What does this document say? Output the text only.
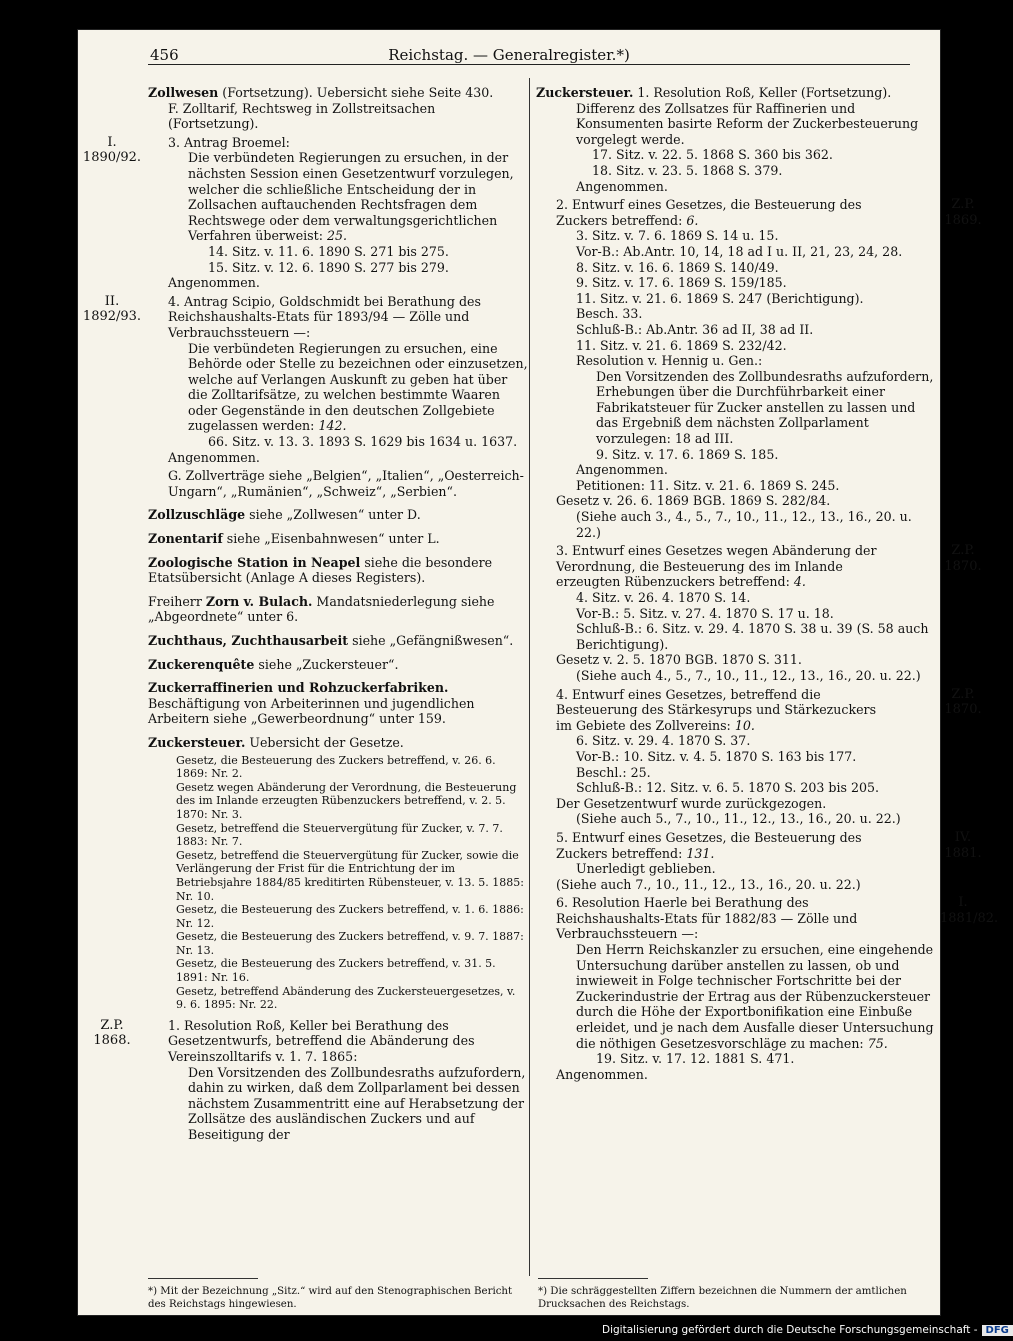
456	Reichstag. — Generalregister.*)
Zollwesen (Fortsetzung). Uebersicht siehe Seite 430.
F. Zolltarif, Rechtsweg in Zollstreitsachen (Fortsetzung).
I.
1890/92.
3. Antrag Broemel:
Die verbündeten Regierungen zu ersuchen, in der nächsten Session einen Gesetzentwurf vorzulegen, welcher die schließliche Entscheidung der in Zollsachen auftauchenden Rechtsfragen dem Rechtswege oder dem verwaltungsgerichtlichen Verfahren überweist: 25.
14. Sitz. v. 11. 6. 1890 S. 271 bis 275.
15. Sitz. v. 12. 6. 1890 S. 277 bis 279.
Angenommen.
II.
1892/93.
4. Antrag Scipio, Goldschmidt bei Berathung des Reichshaushalts-Etats für 1893/94 — Zölle und Verbrauchssteuern —:
Die verbündeten Regierungen zu ersuchen, eine Behörde oder Stelle zu bezeichnen oder einzusetzen, welche auf Verlangen Auskunft zu geben hat über die Zolltarifsätze, zu welchen bestimmte Waaren oder Gegenstände in den deutschen Zollgebiete zugelassen werden: 142.
66. Sitz. v. 13. 3. 1893 S. 1629 bis 1634 u. 1637.
Angenommen.
G. Zollverträge siehe „Belgien“, „Italien“, „Oesterreich-Ungarn“, „Rumänien“, „Schweiz“, „Serbien“.
Zollzuschläge siehe „Zollwesen“ unter D.
Zonentarif siehe „Eisenbahnwesen“ unter L.
Zoologische Station in Neapel siehe die besondere Etatsübersicht (Anlage A dieses Registers).
Freiherr Zorn v. Bulach. Mandatsniederlegung siehe „Abgeordnete“ unter 6.
Zuchthaus, Zuchthausarbeit siehe „Gefängnißwesen“.
Zuckerenquête siehe „Zuckersteuer“.
Zuckerraffinerien und Rohzuckerfabriken. Beschäftigung von Arbeiterinnen und jugendlichen Arbeitern siehe „Gewerbeordnung“ unter 159.
Zuckersteuer. Uebersicht der Gesetze.
Gesetz, die Besteuerung des Zuckers betreffend, v. 26. 6. 1869: Nr. 2.
Gesetz wegen Abänderung der Verordnung, die Besteuerung des im Inlande erzeugten Rübenzuckers betreffend, v. 2. 5. 1870: Nr. 3.
Gesetz, betreffend die Steuervergütung für Zucker, v. 7. 7. 1883: Nr. 7.
Gesetz, betreffend die Steuervergütung für Zucker, sowie die Verlängerung der Frist für die Entrichtung der im Betriebsjahre 1884/85 kreditirten Rübensteuer, v. 13. 5. 1885: Nr. 10.
Gesetz, die Besteuerung des Zuckers betreffend, v. 1. 6. 1886: Nr. 12.
Gesetz, die Besteuerung des Zuckers betreffend, v. 9. 7. 1887: Nr. 13.
Gesetz, die Besteuerung des Zuckers betreffend, v. 31. 5. 1891: Nr. 16.
Gesetz, betreffend Abänderung des Zuckersteuergesetzes, v. 9. 6. 1895: Nr. 22.
Z.P.
1868.
1. Resolution Roß, Keller bei Berathung des Gesetzentwurfs, betreffend die Abänderung des Vereinszolltarifs v. 1. 7. 1865:
Den Vorsitzenden des Zollbundesraths aufzufordern, dahin zu wirken, daß dem Zollparlament bei dessen nächstem Zusammentritt eine auf Herabsetzung der Zollsätze des ausländischen Zuckers und auf Beseitigung der
Zuckersteuer. 1. Resolution Roß, Keller (Fortsetzung).
Differenz des Zollsatzes für Raffinerien und Konsumenten basirte Reform der Zuckerbesteuerung vorgelegt werde.
17. Sitz. v. 22. 5. 1868 S. 360 bis 362.
18. Sitz. v. 23. 5. 1868 S. 379.
Angenommen.
Z.P.
1869.
2. Entwurf eines Gesetzes, die Besteuerung des Zuckers betreffend: 6.
3. Sitz. v. 7. 6. 1869 S. 14 u. 15.
Vor-B.: Ab.Antr. 10, 14, 18 ad I u. II, 21, 23, 24, 28.
8. Sitz. v. 16. 6. 1869 S. 140/49.
9. Sitz. v. 17. 6. 1869 S. 159/185.
11. Sitz. v. 21. 6. 1869 S. 247 (Berichtigung).
Besch. 33.
Schluß-B.: Ab.Antr. 36 ad II, 38 ad II.
11. Sitz. v. 21. 6. 1869 S. 232/42.
Resolution v. Hennig u. Gen.:
Den Vorsitzenden des Zollbundesraths aufzufordern, Erhebungen über die Durchführbarkeit einer Fabrikatsteuer für Zucker anstellen zu lassen und das Ergebniß dem nächsten Zollparlament vorzulegen: 18 ad III.
9. Sitz. v. 17. 6. 1869 S. 185.
Angenommen.
Petitionen: 11. Sitz. v. 21. 6. 1869 S. 245.
Gesetz v. 26. 6. 1869 BGB. 1869 S. 282/84.
(Siehe auch 3., 4., 5., 7., 10., 11., 12., 13., 16., 20. u. 22.)
Z.P.
1870.
3. Entwurf eines Gesetzes wegen Abänderung der Verordnung, die Besteuerung des im Inlande erzeugten Rübenzuckers betreffend: 4.
4. Sitz. v. 26. 4. 1870 S. 14.
Vor-B.: 5. Sitz. v. 27. 4. 1870 S. 17 u. 18.
Schluß-B.: 6. Sitz. v. 29. 4. 1870 S. 38 u. 39 (S. 58 auch Berichtigung).
Gesetz v. 2. 5. 1870 BGB. 1870 S. 311.
(Siehe auch 4., 5., 7., 10., 11., 12., 13., 16., 20. u. 22.)
Z.P.
1870.
4. Entwurf eines Gesetzes, betreffend die Besteuerung des Stärkesyrups und Stärkezuckers im Gebiete des Zollvereins: 10.
6. Sitz. v. 29. 4. 1870 S. 37.
Vor-B.: 10. Sitz. v. 4. 5. 1870 S. 163 bis 177.
Beschl.: 25.
Schluß-B.: 12. Sitz. v. 6. 5. 1870 S. 203 bis 205.
Der Gesetzentwurf wurde zurückgezogen.
(Siehe auch 5., 7., 10., 11., 12., 13., 16., 20. u. 22.)
IV.
1881.
5. Entwurf eines Gesetzes, die Besteuerung des Zuckers betreffend: 131.
Unerledigt geblieben.
(Siehe auch 7., 10., 11., 12., 13., 16., 20. u. 22.)
I.
1881/82.
6. Resolution Haerle bei Berathung des Reichshaushalts-Etats für 1882/83 — Zölle und Verbrauchssteuern —:
Den Herrn Reichskanzler zu ersuchen, eine eingehende Untersuchung darüber anstellen zu lassen, ob und inwieweit in Folge technischer Fortschritte bei der Zuckerindustrie der Ertrag aus der Rübenzuckersteuer durch die Höhe der Exportbonifikation eine Einbuße erleidet, und je nach dem Ausfalle dieser Untersuchung die nöthigen Gesetzesvorschläge zu machen: 75.
19. Sitz. v. 17. 12. 1881 S. 471.
Angenommen.
*) Mit der Bezeichnung „Sitz.“ wird auf den Stenographischen Bericht des Reichstags hingewiesen.
*) Die schräggestellten Ziffern bezeichnen die Nummern der amtlichen Drucksachen des Reichstags.
Digitalisierung gefördert durch die Deutsche Forschungsgemeinschaft - DFG
